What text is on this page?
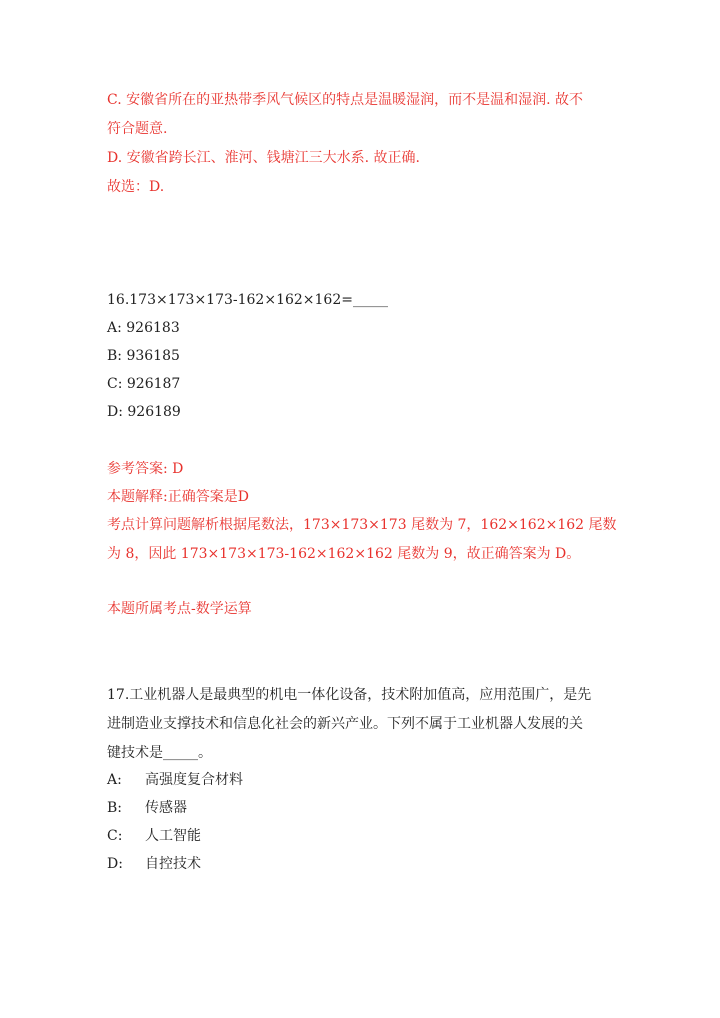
C. 安徽省所在的亚热带季风气候区的特点是温暖湿润，而不是温和湿润. 故不
符合题意.
D. 安徽省跨长江、淮河、钱塘江三大水系. 故正确.
故选：D.
16.173×173×173-162×162×162=_____
A: 926183
B: 936185
C: 926187
D: 926189
参考答案: D
本题解释:正确答案是D
考点计算问题解析根据尾数法，173×173×173 尾数为 7，162×162×162 尾数
为 8，因此 173×173×173-162×162×162 尾数为 9，故正确答案为 D。
本题所属考点-数学运算
17.工业机器人是最典型的机电一体化设备，技术附加值高，应用范围广，是先
进制造业支撑技术和信息化社会的新兴产业。下列不属于工业机器人发展的关
键技术是_____。
A: 高强度复合材料
B: 传感器
C: 人工智能
D: 自控技术
